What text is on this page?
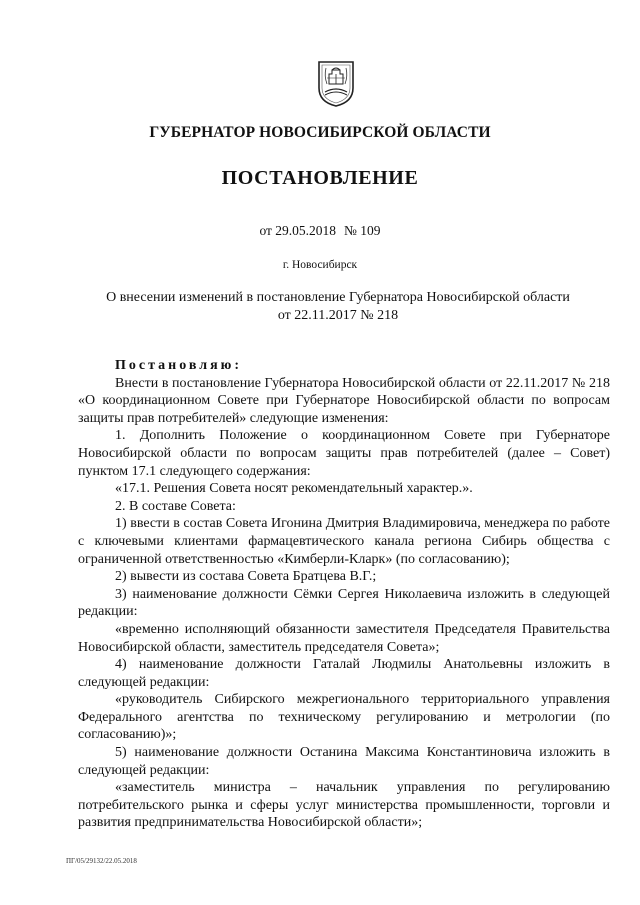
ГУБЕРНАТОР НОВОСИБИРСКОЙ ОБЛАСТИ
ПОСТАНОВЛЕНИЕ
от 29.05.2018 № 109
г. Новосибирск
О внесении изменений в постановление Губернатора Новосибирской области
от 22.11.2017 № 218

Постановляю:

Внести в постановление Губернатора Новосибирской области от 22.11.2017 № 218 «О координационном Совете при Губернаторе Новосибирской области по вопросам защиты прав потребителей» следующие изменения:

1. Дополнить Положение о координационном Совете при Губернаторе Новосибирской области по вопросам защиты прав потребителей (далее – Совет) пунктом 17.1 следующего содержания:

«17.1. Решения Совета носят рекомендательный характер.».

2. В составе Совета:

1) ввести в состав Совета Игонина Дмитрия Владимировича, менеджера по работе с ключевыми клиентами фармацевтического канала региона Сибирь общества с ограниченной ответственностью «Кимберли-Кларк» (по согласованию);

2) вывести из состава Совета Братцева В.Г.;

3) наименование должности Сёмки Сергея Николаевича изложить в следующей редакции:

«временно исполняющий обязанности заместителя Председателя Правительства Новосибирской области, заместитель председателя Совета»;

4) наименование должности Гаталай Людмилы Анатольевны изложить в следующей редакции:

«руководитель Сибирского межрегионального территориального управления Федерального агентства по техническому регулированию и метрологии (по согласованию)»;

5) наименование должности Останина Максима Константиновича изложить в следующей редакции:

«заместитель министра – начальник управления по регулированию потребительского рынка и сферы услуг министерства промышленности, торговли и развития предпринимательства Новосибирской области»;

ПГ/05/29132/22.05.2018
